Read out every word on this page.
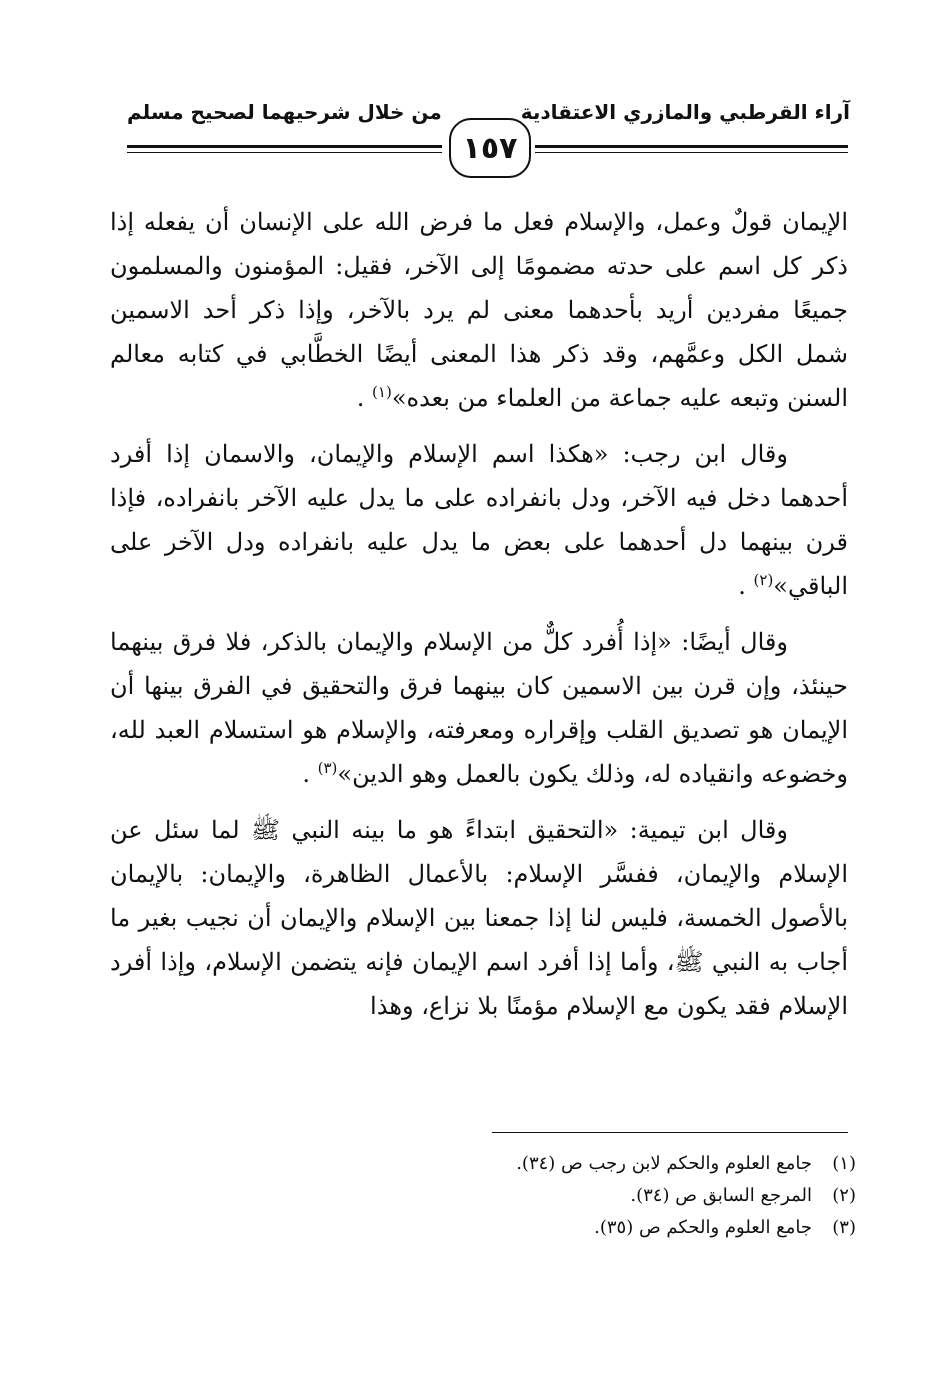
آراء القرطبي والمازري الاعتقادية
من خلال شرحيهما لصحيح مسلم
١٥٧

الإيمان قولٌ وعمل، والإسلام فعل ما فرض الله على الإنسان أن يفعله إذا ذكر كل اسم على حدته مضمومًا إلى الآخر، فقيل: المؤمنون والمسلمون جميعًا مفردين أريد بأحدهما معنى لم يرد بالآخر، وإذا ذكر أحد الاسمين شمل الكل وعمَّهم، وقد ذكر هذا المعنى أيضًا الخطَّابي في كتابه معالم السنن وتبعه عليه جماعة من العلماء من بعده»$^{(١)}$ .

وقال ابن رجب: «هكذا اسم الإسلام والإيمان، والاسمان إذا أفرد أحدهما دخل فيه الآخر، ودل بانفراده على ما يدل عليه الآخر بانفراده، فإذا قرن بينهما دل أحدهما على بعض ما يدل عليه بانفراده ودل الآخر على الباقي»$^{(٢)}$ .

وقال أيضًا: «إذا أُفرد كلٌّ من الإسلام والإيمان بالذكر، فلا فرق بينهما حينئذ، وإن قرن بين الاسمين كان بينهما فرق والتحقيق في الفرق بينها أن الإيمان هو تصديق القلب وإقراره ومعرفته، والإسلام هو استسلام العبد لله، وخضوعه وانقياده له، وذلك يكون بالعمل وهو الدين»$^{(٣)}$ .

وقال ابن تيمية: «التحقيق ابتداءً هو ما بينه النبي ﷺ لما سئل عن الإسلام والإيمان، ففسَّر الإسلام: بالأعمال الظاهرة، والإيمان: بالإيمان بالأصول الخمسة، فليس لنا إذا جمعنا بين الإسلام والإيمان أن نجيب بغير ما أجاب به النبي ﷺ، وأما إذا أفرد اسم الإيمان فإنه يتضمن الإسلام، وإذا أفرد الإسلام فقد يكون مع الإسلام مؤمنًا بلا نزاع، وهذا

(١)جامع العلوم والحكم لابن رجب ص (٣٤).
(٢)المرجع السابق ص (٣٤).
(٣)جامع العلوم والحكم ص (٣٥).
